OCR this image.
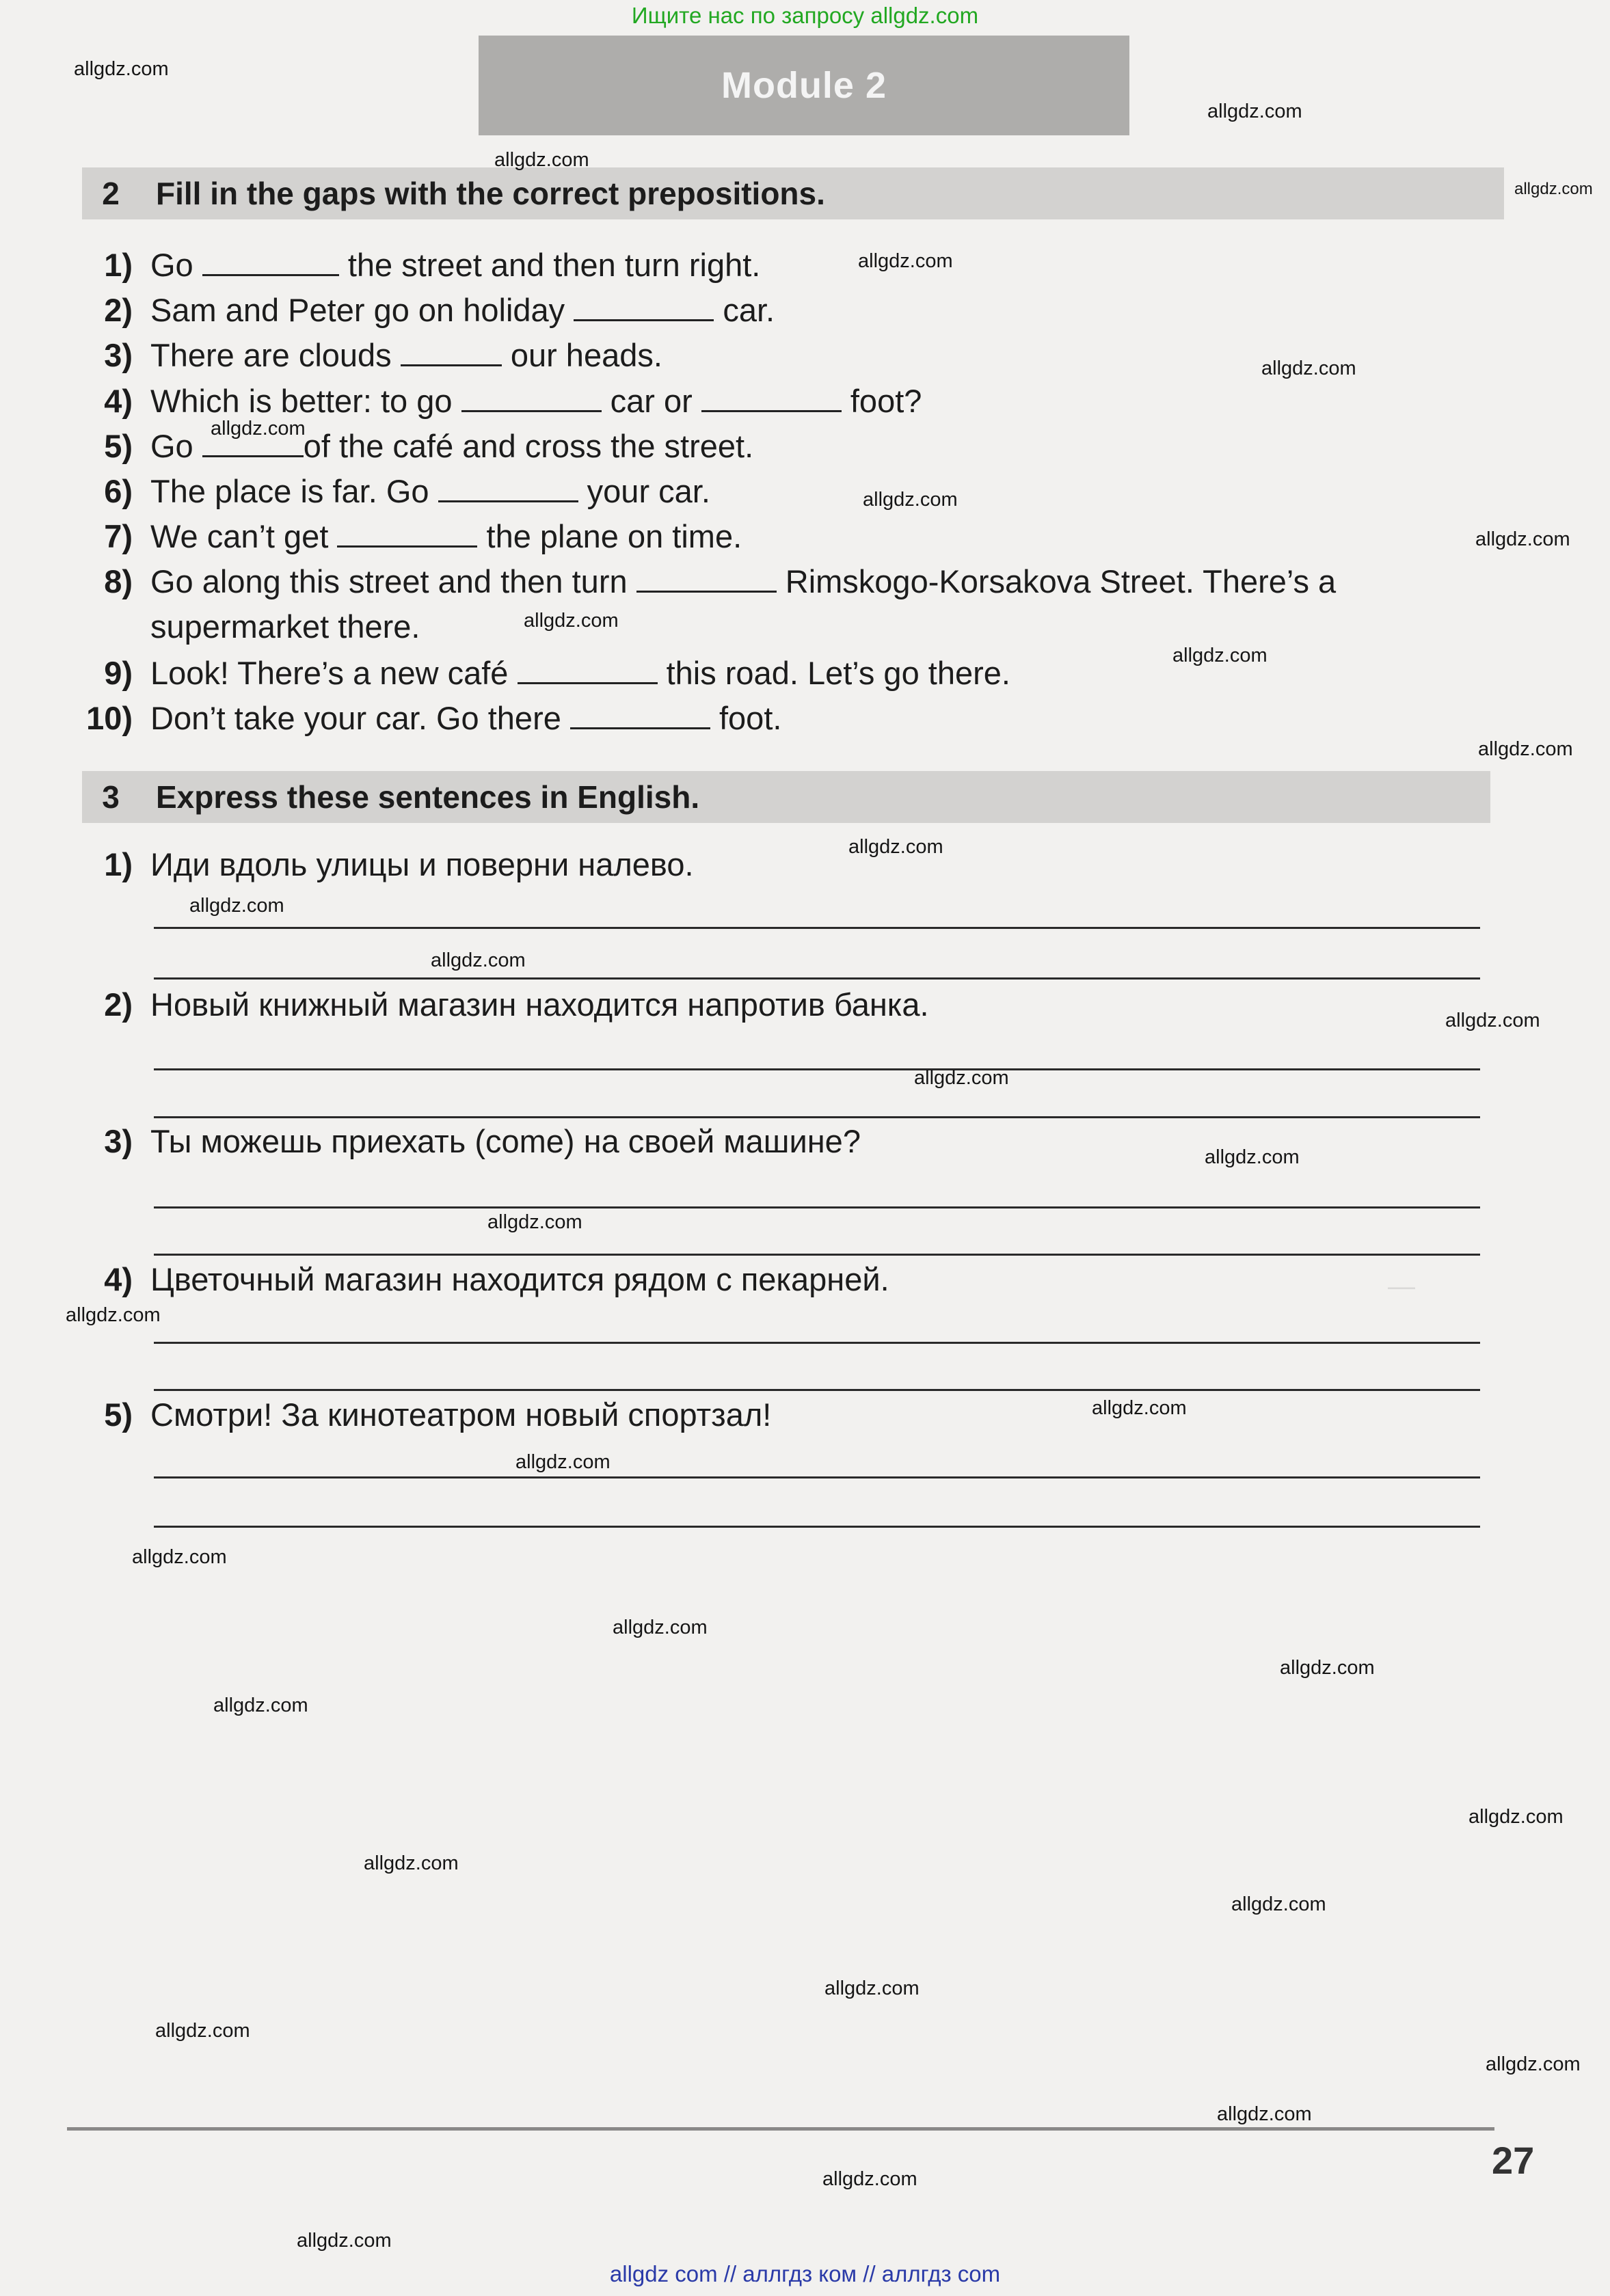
Ищите нас по запросу allgdz.com
allgdz com // аллгдз ком // аллгдз com
—
Module 2
2	Fill in the gaps with the correct prepositions.
1) Go	the street and then turn right.
2) Sam and Peter go on holiday	car.
3) There are clouds	our heads.
4) Which is better: to go	car or	foot?
5) Go	of the café and cross the street.
6) The place is far. Go	your car.
7) We can’t get	the plane on time.
8) Go along this street and then turn	Rimskogo-Korsakova Street. There’s a
supermarket there.
9) Look! There’s a new café	this road. Let’s go there.
10) Don’t take your car. Go there	foot.
3	Express these sentences in English.
1) Иди вдоль улицы и поверни налево.
2) Новый книжный магазин находится напротив банка.
3) Ты можешь приехать (come) на своей машине?
4) Цветочный магазин находится рядом с пекарней.
5) Смотри! За кинотеатром новый спортзал!
allgdz.com
allgdz.com
allgdz.com
allgdz.com
allgdz.com
allgdz.com
allgdz.com
allgdz.com
allgdz.com
allgdz.com
allgdz.com
allgdz.com
allgdz.com
allgdz.com
allgdz.com
allgdz.com
allgdz.com
allgdz.com
allgdz.com
allgdz.com
allgdz.com
allgdz.com
allgdz.com
allgdz.com
allgdz.com
allgdz.com
allgdz.com
allgdz.com
allgdz.com
allgdz.com
allgdz.com
allgdz.com
allgdz.com
allgdz.com
allgdz.com
27
